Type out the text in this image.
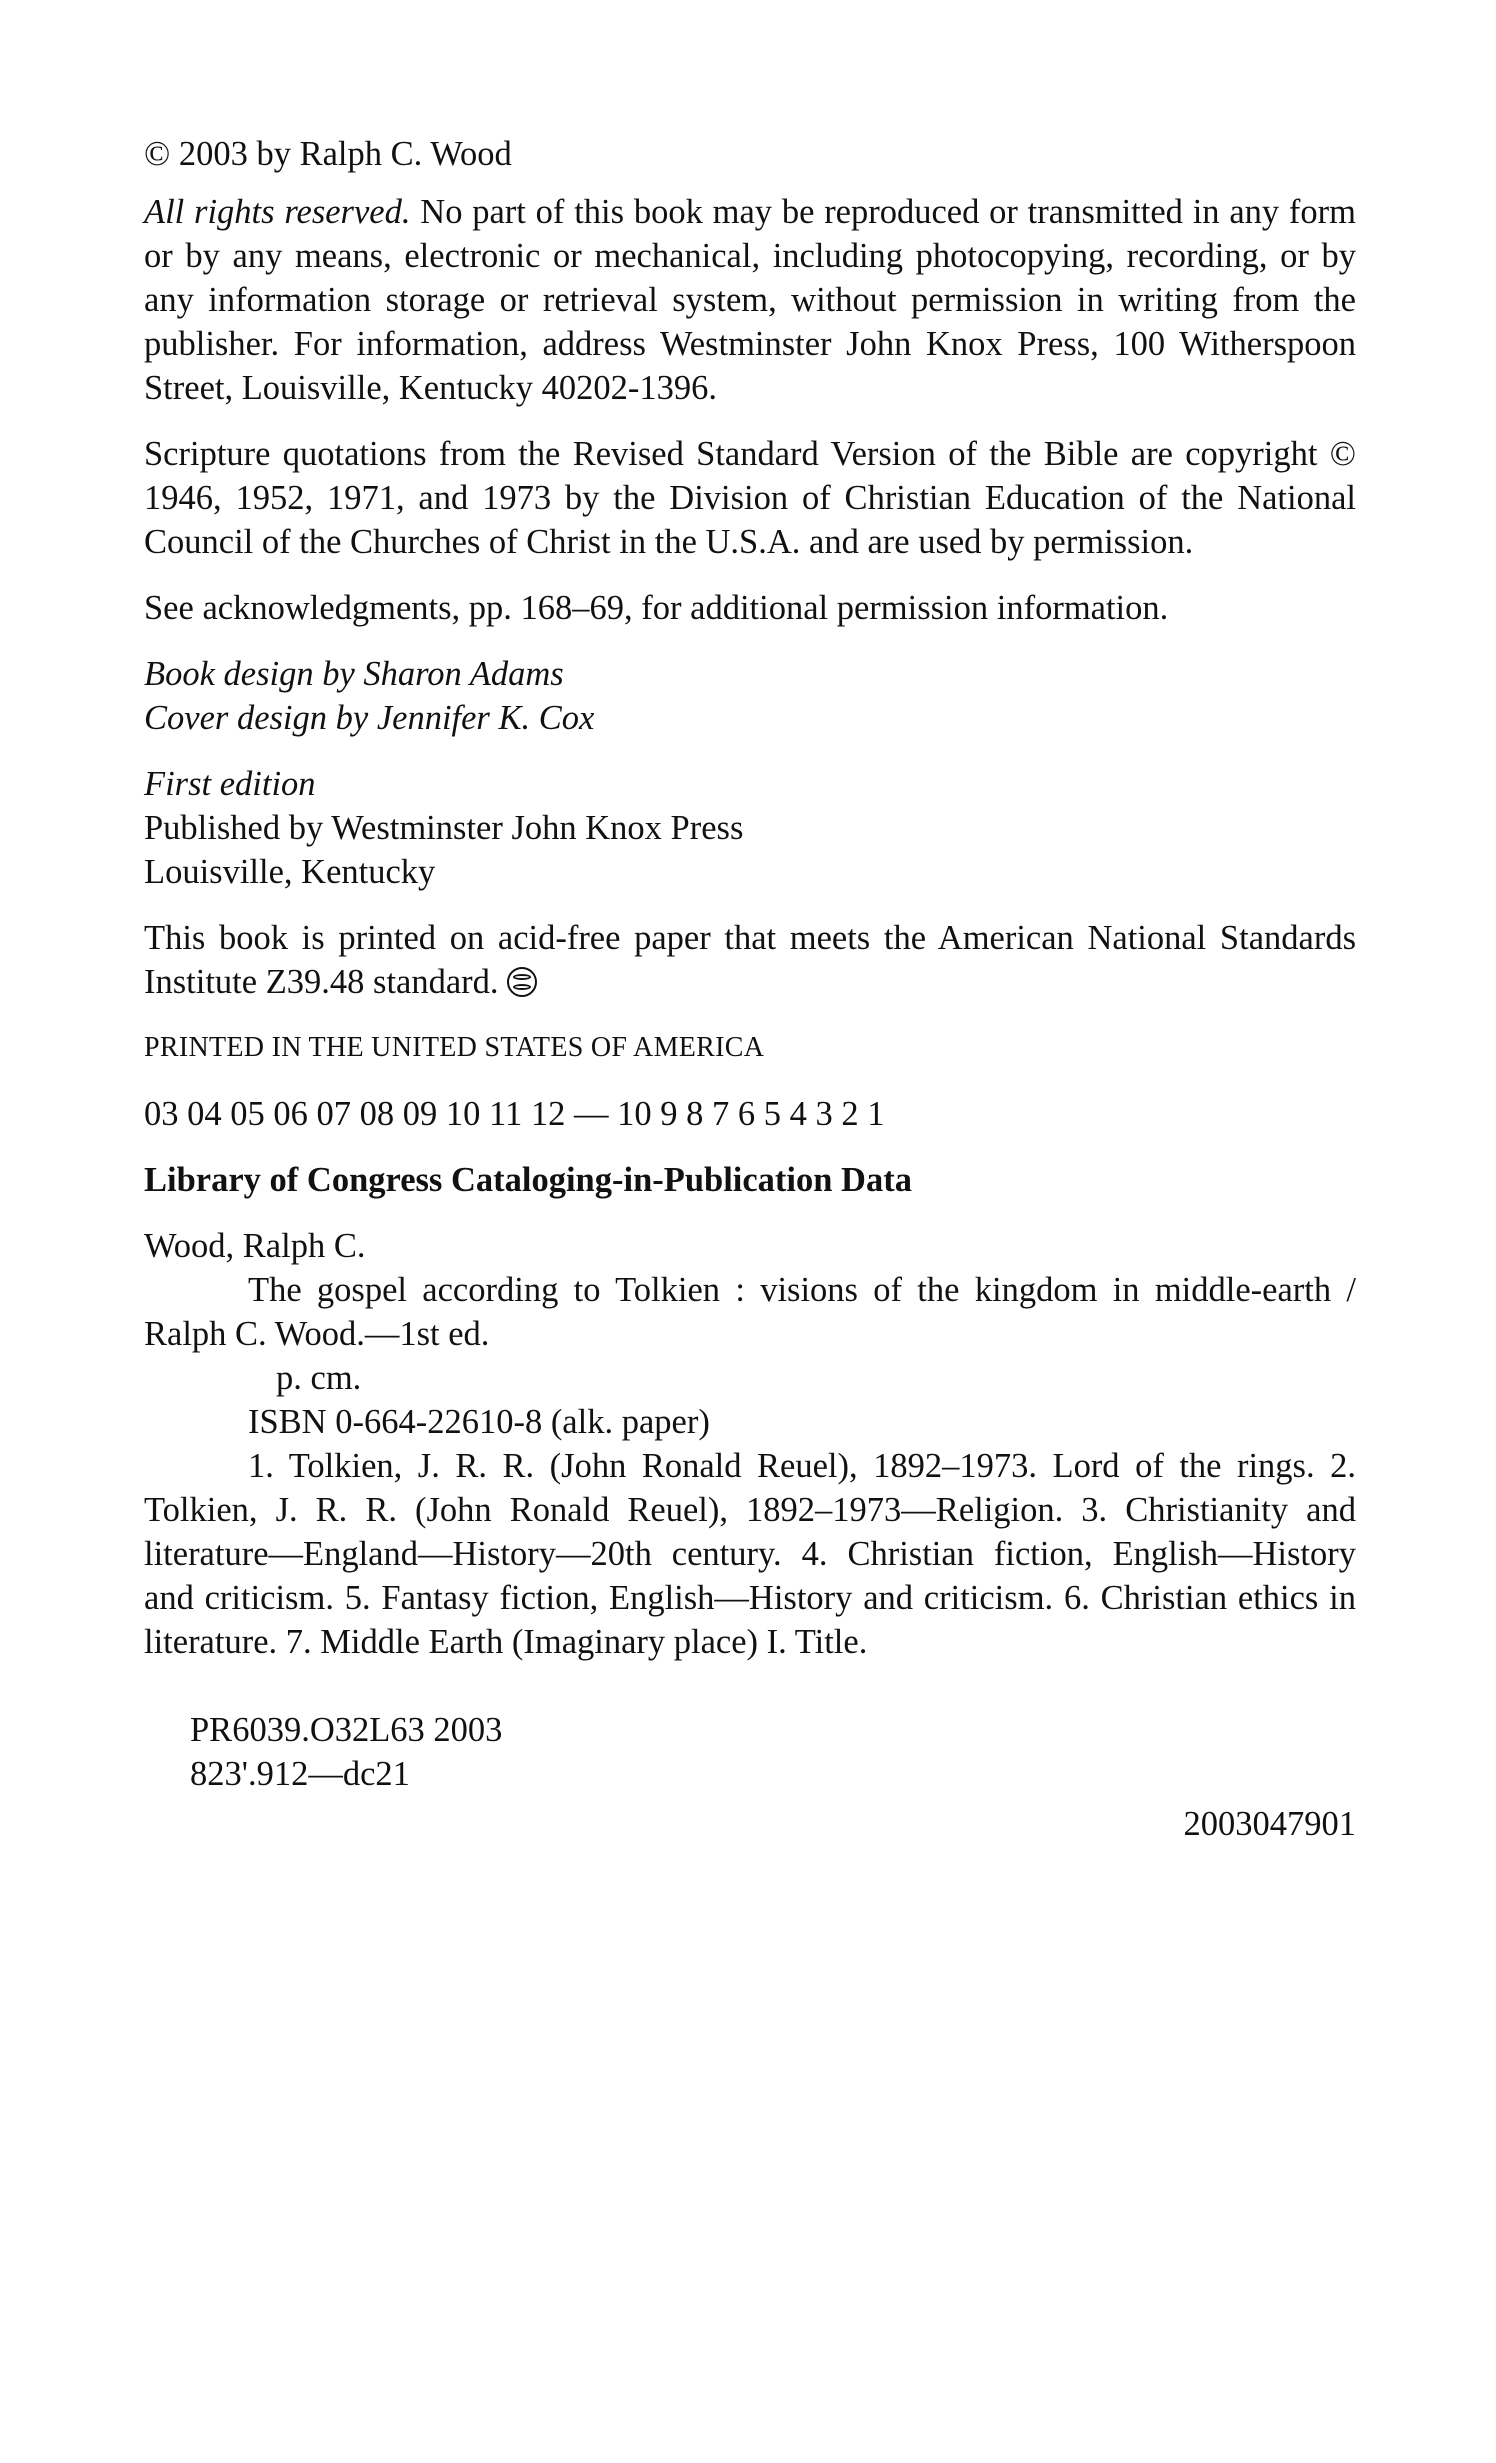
© 2003 by Ralph C. Wood

All rights reserved. No part of this book may be reproduced or transmitted in any form or by any means, electronic or mechanical, including photocopying, recording, or by any information storage or retrieval system, without permission in writing from the publisher. For information, address Westminster John Knox Press, 100 Witherspoon Street, Louisville, Kentucky 40202-1396.

Scripture quotations from the Revised Standard Version of the Bible are copyright © 1946, 1952, 1971, and 1973 by the Division of Christian Education of the National Council of the Churches of Christ in the U.S.A. and are used by permission.

See acknowledgments, pp. 168–69, for additional permission information.

Book design by Sharon Adams
Cover design by Jennifer K. Cox
First edition
Published by Westminster John Knox Press
Louisville, Kentucky

This book is printed on acid-free paper that meets the American National Standards Institute Z39.48 standard.

PRINTED IN THE UNITED STATES OF AMERICA

03 04 05 06 07 08 09 10 11 12 — 10 9 8 7 6 5 4 3 2 1

Library of Congress Cataloging-in-Publication Data

Wood, Ralph C.
The gospel according to Tolkien : visions of the kingdom in middle-earth / Ralph C. Wood.—1st ed.
p. cm.
ISBN 0-664-22610-8 (alk. paper)
1. Tolkien, J. R. R. (John Ronald Reuel), 1892–1973. Lord of the rings. 2. Tolkien, J. R. R. (John Ronald Reuel), 1892–1973—Religion. 3. Christianity and literature—England—History—20th century. 4. Christian fiction, English—History and criticism. 5. Fantasy fiction, English—History and criticism. 6. Christian ethics in literature. 7. Middle Earth (Imaginary place) I. Title.
PR6039.O32L63 2003
823'.912—dc21
2003047901
